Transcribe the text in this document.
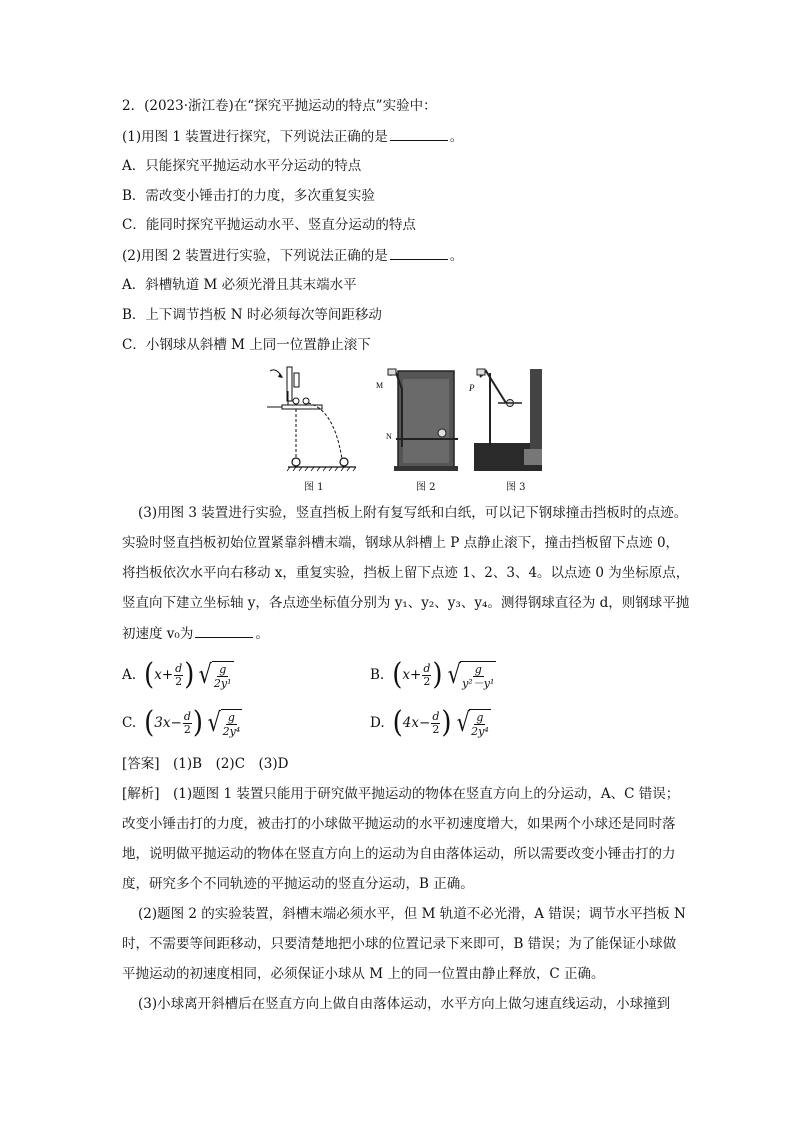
2．(2023·浙江卷)在“探究平抛运动的特点”实验中：
(1)用图 1 装置进行探究，下列说法正确的是	。
A．只能探究平抛运动水平分运动的特点
B．需改变小锤击打的力度，多次重复实验
C．能同时探究平抛运动水平、竖直分运动的特点
(2)用图 2 装置进行实验，下列说法正确的是	。
A．斜槽轨道 M 必须光滑且其末端水平
B．上下调节挡板 N 时必须每次等间距移动
C．小钢球从斜槽 M 上同一位置静止滚下
M
N
P
图 1	图 2	图 3
(3)用图 3 装置进行实验，竖直挡板上附有复写纸和白纸，可以记下钢球撞击挡板时的点迹。
实验时竖直挡板初始位置紧靠斜槽末端，钢球从斜槽上 P 点静止滚下，撞击挡板留下点迹 0，
将挡板依次水平向右移动 x，重复实验，挡板上留下点迹 1、2、3、4。以点迹 0 为坐标原点，
竖直向下建立坐标轴 y，各点迹坐标值分别为 y₁、y₂、y₃、y₄。测得钢球直径为 d，则钢球平抛
初速度 v₀为	。
A. ( $x+ \frac{d}{2}$ ) √ $\frac{g}{\text{2y¹}}$	B. ( $x+ \frac{d}{2}$ ) √ $\frac{g}{\text{y²－y¹}}$
C. ( $3x- \frac{d}{2}$ ) √ $\frac{g}{\text{2y⁴}}$	D. ( $4x- \frac{d}{2}$ ) √ $\frac{g}{\text{2y⁴}}$
[答案]　(1)B　(2)C　(3)D
[解析]　(1)题图 1 装置只能用于研究做平抛运动的物体在竖直方向上的分运动，A、C 错误；
改变小锤击打的力度，被击打的小球做平抛运动的水平初速度增大，如果两个小球还是同时落
地，说明做平抛运动的物体在竖直方向上的运动为自由落体运动，所以需要改变小锤击打的力
度，研究多个不同轨迹的平抛运动的竖直分运动，B 正确。
(2)题图 2 的实验装置，斜槽末端必须水平，但 M 轨道不必光滑，A 错误；调节水平挡板 N
时，不需要等间距移动，只要清楚地把小球的位置记录下来即可，B 错误；为了能保证小球做
平抛运动的初速度相同，必须保证小球从 M 上的同一位置由静止释放，C 正确。
(3)小球离开斜槽后在竖直方向上做自由落体运动，水平方向上做匀速直线运动，小球撞到
